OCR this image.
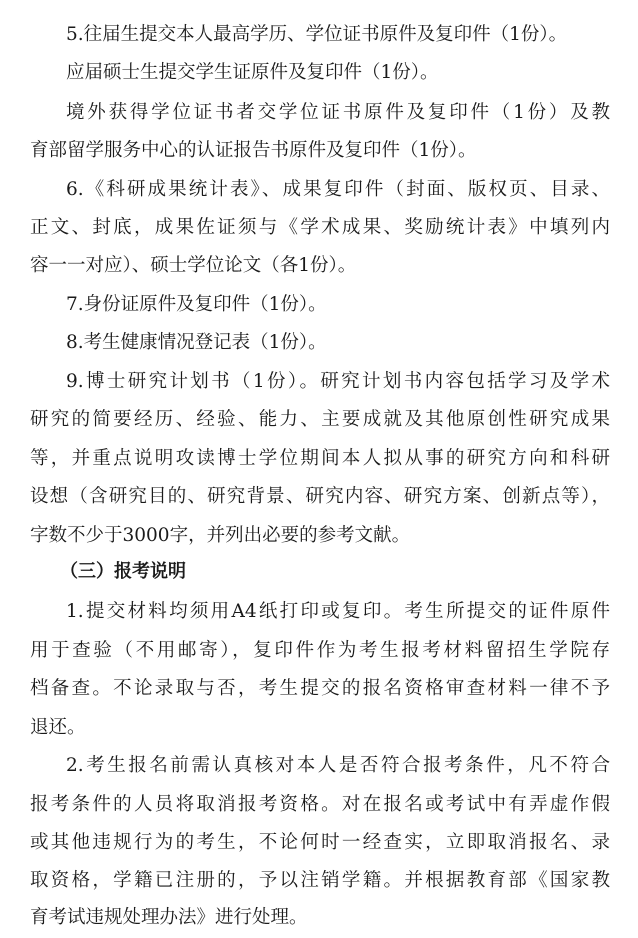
5.往届生提交本人最高学历、学位证书原件及复印件（1份）。
应届硕士生提交学生证原件及复印件（1份）。
境外获得学位证书者交学位证书原件及复印件（1份）及教
育部留学服务中心的认证报告书原件及复印件（1份）。
6.《科研成果统计表》、成果复印件（封面、版权页、目录、
正文、封底，成果佐证须与《学术成果、奖励统计表》中填列内
容一一对应）、硕士学位论文（各1份）。
7.身份证原件及复印件（1份）。
8.考生健康情况登记表（1份）。
9.博士研究计划书（1份）。研究计划书内容包括学习及学术
研究的简要经历、经验、能力、主要成就及其他原创性研究成果
等，并重点说明攻读博士学位期间本人拟从事的研究方向和科研
设想（含研究目的、研究背景、研究内容、研究方案、创新点等），
字数不少于3000字，并列出必要的参考文献。
（三）报考说明
1.提交材料均须用A4纸打印或复印。考生所提交的证件原件
用于查验（不用邮寄），复印件作为考生报考材料留招生学院存
档备查。不论录取与否，考生提交的报名资格审查材料一律不予
退还。
2.考生报名前需认真核对本人是否符合报考条件，凡不符合
报考条件的人员将取消报考资格。对在报名或考试中有弄虚作假
或其他违规行为的考生，不论何时一经查实，立即取消报名、录
取资格，学籍已注册的，予以注销学籍。并根据教育部《国家教
育考试违规处理办法》进行处理。
